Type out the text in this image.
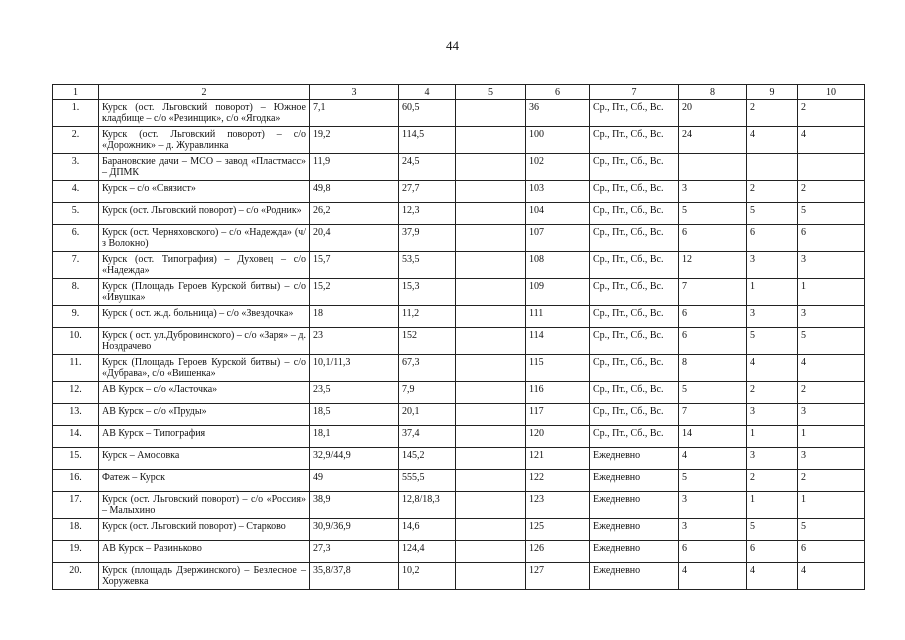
44
1	2	3	4	5	6	7	8	9	10
1.	Курск (ост. Льговский поворот) – Южное кладбище – с/о «Резинщик», с/о «Ягодка»	7,1	60,5		36	Ср., Пт., Сб., Вс.	20	2	2
2.	Курск (ост. Льговский поворот) – с/о «Дорожник» – д. Журавлинка	19,2	114,5		100	Ср., Пт., Сб., Вс.	24	4	4
3.	Барановские дачи – МСО – завод «Пластмасс» – ДПМК	11,9	24,5		102	Ср., Пт., Сб., Вс.			
4.	Курск – с/о «Связист»	49,8	27,7		103	Ср., Пт., Сб., Вс.	3	2	2
5.	Курск (ост. Льговский поворот) – с/о «Родник»	26,2	12,3		104	Ср., Пт., Сб., Вс.	5	5	5
6.	Курск (ост. Черняховского) – с/о «Надежда» (ч/з Волокно)	20,4	37,9		107	Ср., Пт., Сб., Вс.	6	6	6
7.	Курск (ост. Типография) – Духовец – с/о «Надежда»	15,7	53,5		108	Ср., Пт., Сб., Вс.	12	3	3
8.	Курск (Площадь Героев Курской битвы) – с/о «Ивушка»	15,2	15,3		109	Ср., Пт., Сб., Вс.	7	1	1
9.	Курск ( ост. ж.д. больница) – с/о «Звездочка»	18	11,2		111	Ср., Пт., Сб., Вс.	6	3	3
10.	Курск ( ост. ул.Дубровинского) – с/о «Заря» – д. Ноздрачево	23	152		114	Ср., Пт., Сб., Вс.	6	5	5
11.	Курск (Площадь Героев Курской битвы) – с/о «Дубрава», с/о «Вишенка»	10,1/11,3	67,3		115	Ср., Пт., Сб., Вс.	8	4	4
12.	АВ Курск – с/о «Ласточка»	23,5	7,9		116	Ср., Пт., Сб., Вс.	5	2	2
13.	АВ Курск – с/о «Пруды»	18,5	20,1		117	Ср., Пт., Сб., Вс.	7	3	3
14.	АВ Курск – Типография	18,1	37,4		120	Ср., Пт., Сб., Вс.	14	1	1
15.	Курск – Амосовка	32,9/44,9	145,2		121	Ежедневно	4	3	3
16.	Фатеж – Курск	49	555,5		122	Ежедневно	5	2	2
17.	Курск (ост. Льговский поворот) – с/о «Россия» – Малыхино	38,9	12,8/18,3		123	Ежедневно	3	1	1
18.	Курск (ост. Льговский поворот) – Старково	30,9/36,9	14,6		125	Ежедневно	3	5	5
19.	АВ Курск – Разиньково	27,3	124,4		126	Ежедневно	6	6	6
20.	Курск (площадь Дзержинского) – Безлесное – Хоружевка	35,8/37,8	10,2		127	Ежедневно	4	4	4
